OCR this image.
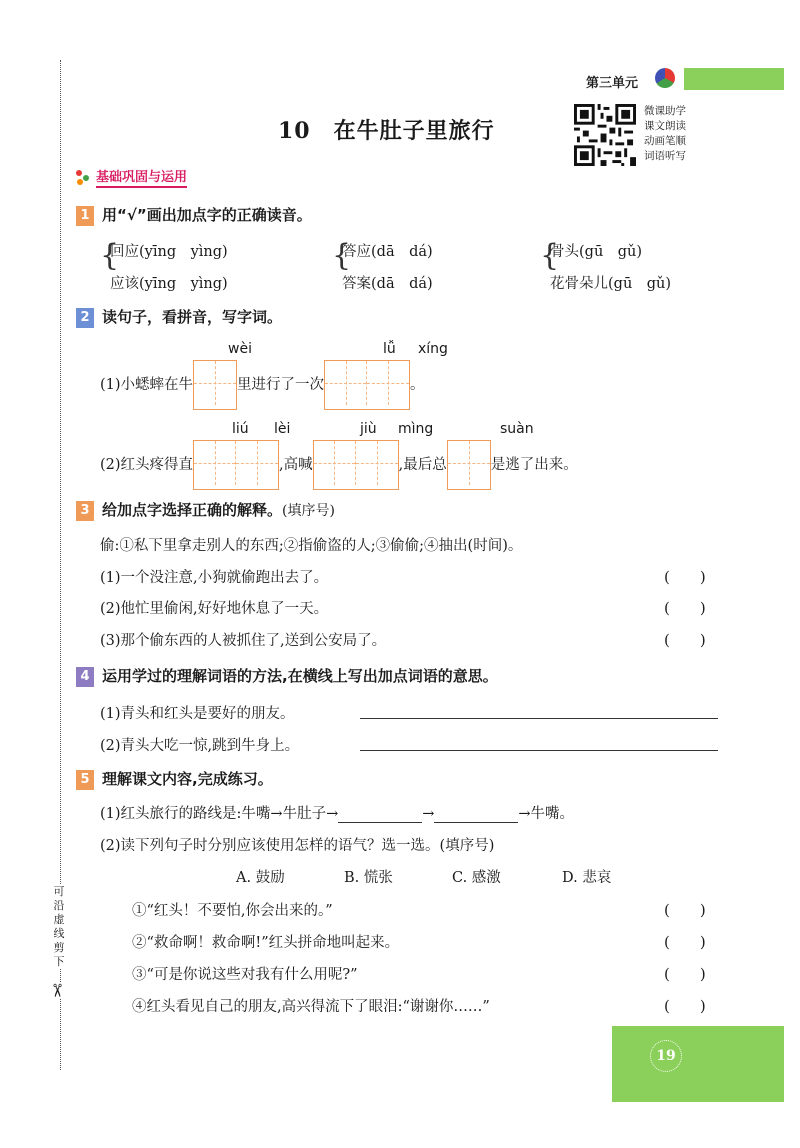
可沿虚线剪下
✂
第三单元
10　在牛肚子里旅行
微课助学
课文朗读
动画笔顺
词语听写
基础巩固与运用
1 用“√”画出加点字的正确读音。
{
回应(yīng　yìng)
应该(yīng　yìng)
{
答应(dā　dá)
答案(dā　dá)
{
骨头(gū　gǔ)
花骨朵儿(gū　gǔ)
2 读句子，看拼音，写字词。
wèi	lǚ xíng
(1)小蟋蟀在牛	里进行了一次	。
liú lèi	jiù mìng	suàn
(2)红头疼得直	,高喊	,最后总	是逃了出来。
3 给加点字选择正确的解释。(填序号)
偷:①私下里拿走别人的东西;②指偷盗的人;③偷偷;④抽出(时间)。
(1)一个没注意,小狗就偷跑出去了。	(　　)
(2)他忙里偷闲,好好地休息了一天。	(　　)
(3)那个偷东西的人被抓住了,送到公安局了。	(　　)
4 运用学过的理解词语的方法,在横线上写出加点词语的意思。
(1)青头和红头是要好的朋友。
(2)青头大吃一惊,跳到牛身上。
5 理解课文内容,完成练习。
(1)红头旅行的路线是:牛嘴→牛肚子→	→	→牛嘴。
(2)读下列句子时分别应该使用怎样的语气？选一选。(填序号)
A. 鼓励	B. 慌张	C. 感激	D. 悲哀
①“红头！不要怕,你会出来的。”	(　　)
②“救命啊！救命啊!”红头拼命地叫起来。	(　　)
③“可是你说这些对我有什么用呢?”	(　　)
④红头看见自己的朋友,高兴得流下了眼泪:“谢谢你……”	(　　)
19
